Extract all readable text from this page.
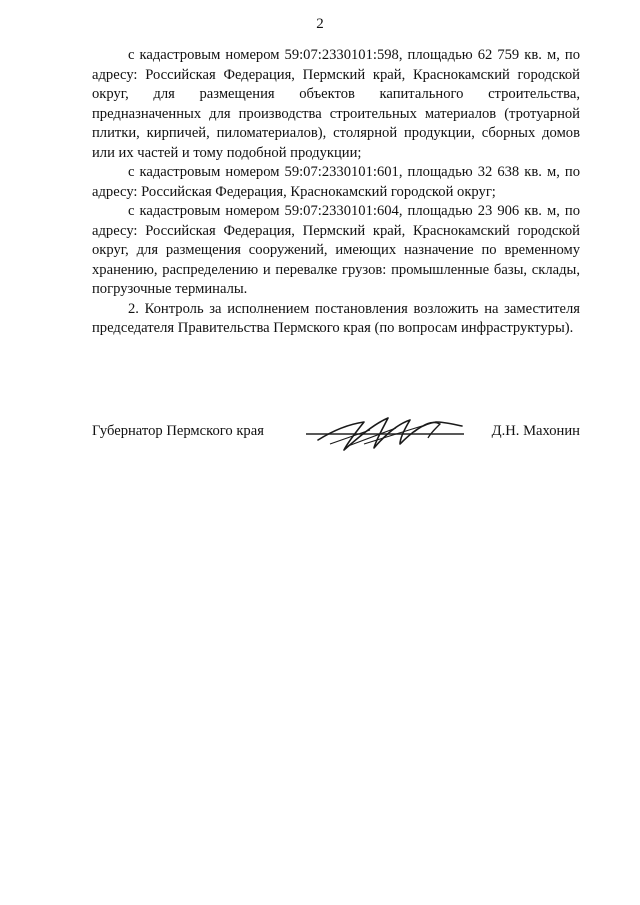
2

с кадастровым номером 59:07:2330101:598, площадью 62 759 кв. м, по адресу: Российская Федерация, Пермский край, Краснокамский городской округ, для размещения объектов капитального строительства, предназначенных для производства строительных материалов (тротуарной плитки, кирпичей, пиломатериалов), столярной продукции, сборных домов или их частей и тому подобной продукции;

с кадастровым номером 59:07:2330101:601, площадью 32 638 кв. м, по адресу: Российская Федерация, Краснокамский городской округ;

с кадастровым номером 59:07:2330101:604, площадью 23 906 кв. м, по адресу: Российская Федерация, Пермский край, Краснокамский городской округ, для размещения сооружений, имеющих назначение по временному хранению, распределению и перевалке грузов: промышленные базы, склады, погрузочные терминалы.

2. Контроль за исполнением постановления возложить на заместителя председателя Правительства Пермского края (по вопросам инфраструктуры).

Губернатор Пермского края	Д.Н. Махонин
